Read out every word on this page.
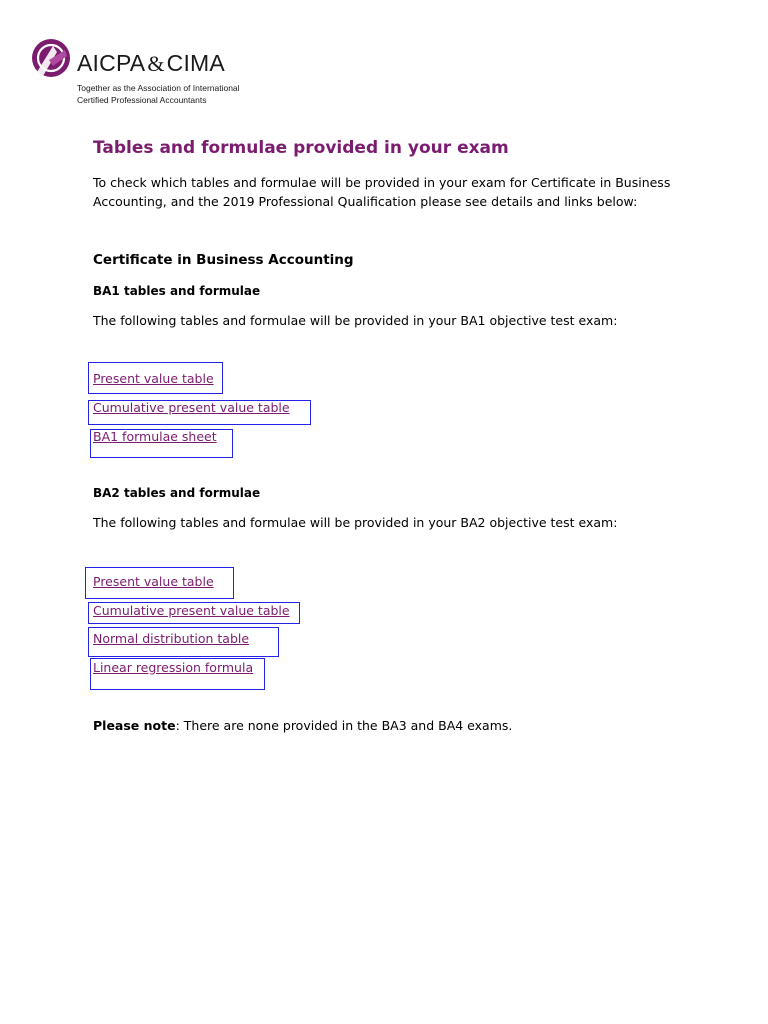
AICPA&CIMA
Together as the Association of International
Certified Professional Accountants
Tables and formulae provided in your exam

To check which tables and formulae will be provided in your exam for Certificate in Business Accounting, and the 2019 Professional Qualification please see details and links below:

Certificate in Business Accounting
BA1 tables and formulae

The following tables and formulae will be provided in your BA1 objective test exam:

Present value table
Cumulative present value table
BA1 formulae sheet
BA2 tables and formulae

The following tables and formulae will be provided in your BA2 objective test exam:

Present value table
Cumulative present value table
Normal distribution table
Linear regression formula

Please note: There are none provided in the BA3 and BA4 exams.
